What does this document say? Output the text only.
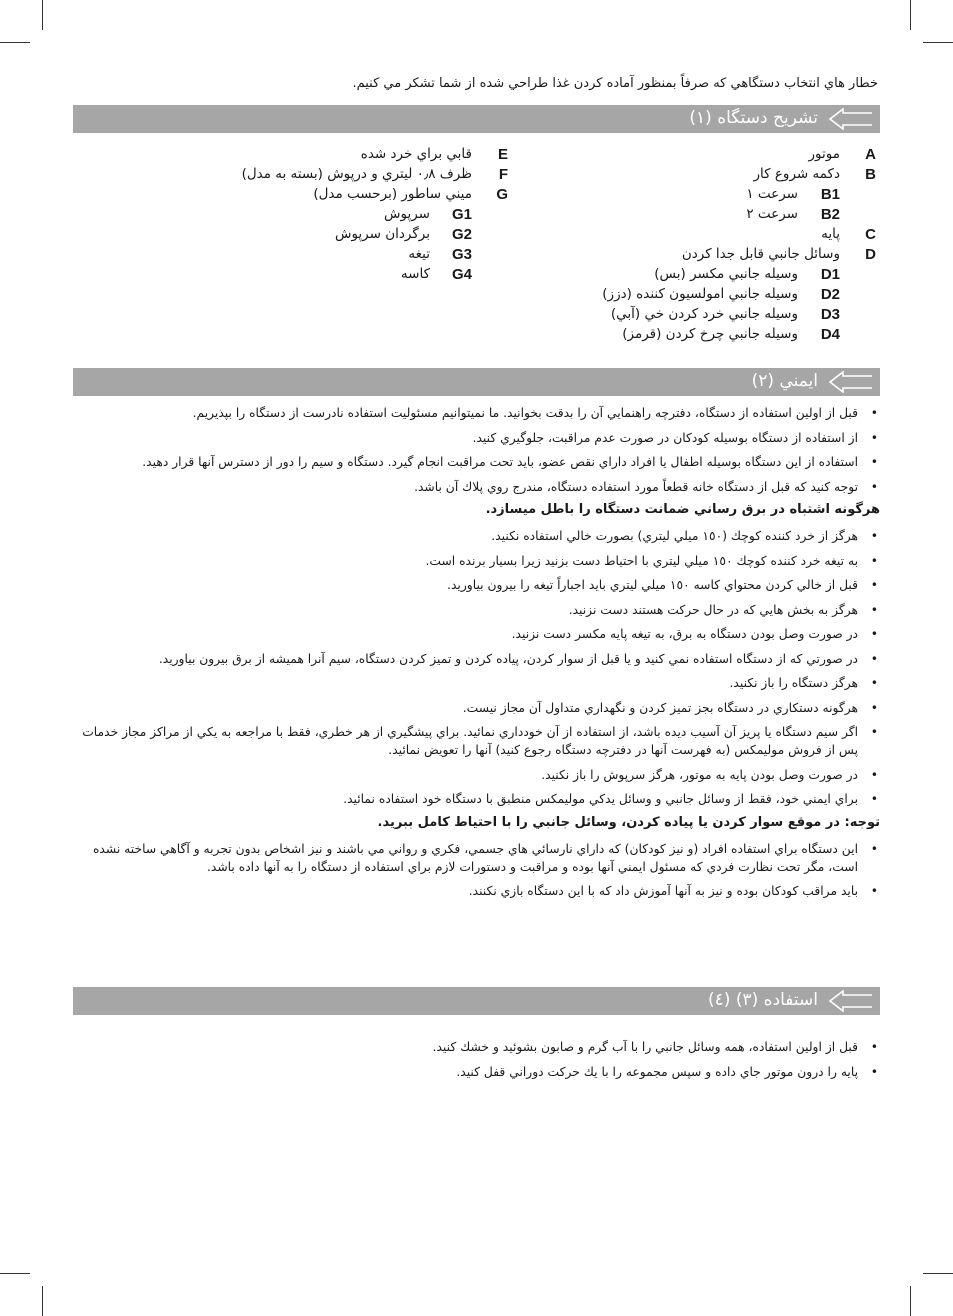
خطار هاي انتخاب دستگاهي كه صرفاً بمنظور آماده كردن غذا طراحي شده از شما تشكر مي كنيم.
تشريح دستگاه (١)
A
موتور
B
دكمه شروع كار
B1
سرعت ١
B2
سرعت ٢
C
پايه
D
وسائل جانبي قابل جدا كردن
D1
وسيله جانبي مكسر (بس)
D2
وسيله جانبي امولسيون كننده (دزز)
D3
وسيله جانبي خرد كردن خي (آبي)
D4
وسيله جانبي چرخ كردن (قرمز)
E
قابي براي خرد شده
F
ظرف ٠٫٨ ليتري و درپوش (بسته به مدل)
G
ميني ساطور (برحسب مدل)
G1
سرپوش
G2
برگردان سرپوش
G3
تيغه
G4
كاسه
ايمني (٢)
• قبل از اولين استفاده از دستگاه، دفترچه راهنمايي آن را بدقت بخوانيد. ما نميتوانيم مسئوليت استفاده نادرست از دستگاه را بپذيريم.
• از استفاده از دستگاه بوسيله كودكان در صورت عدم مراقبت، جلوگيري كنيد.
• استفاده از اين دستگاه بوسيله اطفال يا افراد داراي نقص عضو، بايد تحت مراقبت انجام گيرد. دستگاه و سيم را دور از دسترس آنها قرار دهيد.
• توجه كنيد كه قبل از دستگاه خانه قطعاً مورد استفاده دستگاه، مندرج روي پلاك آن باشد.
هرگونه اشتباه در برق رساني ضمانت دستگاه را باطل ميسازد.
• هرگز از خرد كننده كوچك (١٥٠ ميلي ليتري) بصورت خالي استفاده نكنيد.
• به تيغه خرد كننده كوچك ١٥٠ ميلي ليتري با احتياط دست بزنيد زيرا بسيار برنده است.
• قبل از خالي كردن محتواي كاسه ١٥٠ ميلي ليتري بايد اجباراً تيغه را بيرون بياوريد.
• هرگز به بخش هايي كه در حال حركت هستند دست نزنيد.
• در صورت وصل بودن دستگاه به برق، به تيغه پايه مكسر دست نزنيد.
• در صورتي كه از دستگاه استفاده نمي كنيد و يا قبل از سوار كردن، پياده كردن و تميز كردن دستگاه، سيم آنرا هميشه از برق بيرون بياوريد.
• هرگز دستگاه را باز نكنيد.
• هرگونه دستكاري در دستگاه بجز تميز كردن و نگهداري متداول آن مجاز نيست.
• اگر سيم دستگاه يا پريز آن آسيب ديده باشد، از استفاده از آن خودداري نمائيد. براي پيشگيري از هر خطري، فقط با مراجعه به يكي از مراكز مجاز خدمات پس از فروش موليمكس (به فهرست آنها در دفترچه دستگاه رجوع كنيد) آنها را تعويض نمائيد.
• در صورت وصل بودن پايه به موتور، هرگز سرپوش را باز نكنيد.
• براي ايمني خود، فقط از وسائل جانبي و وسائل يدكي موليمكس منطبق با دستگاه خود استفاده نمائيد.
توجه: در موقع سوار كردن يا پياده كردن، وسائل جانبي را با احتياط كامل ببريد.
• اين دستگاه براي استفاده افراد (و نيز كودكان) كه داراي نارسائي هاي جسمي، فكري و رواني مي باشند و نيز اشخاص بدون تجربه و آگاهي ساخته نشده است، مگر تحت نظارت فردي كه مسئول ايمني آنها بوده و مراقبت و دستورات لازم براي استفاده از دستگاه را به آنها داده باشد.
• بايد مراقب كودكان بوده و نيز به آنها آموزش داد كه با اين دستگاه بازي نكنند.
استفاده (٣) (٤)
• قبل از اولين استفاده، همه وسائل جانبي را با آب گرم و صابون بشوئيد و خشك كنيد.
• پايه را درون موتور جاي داده و سپس مجموعه را با يك حركت دوراني قفل كنيد.
